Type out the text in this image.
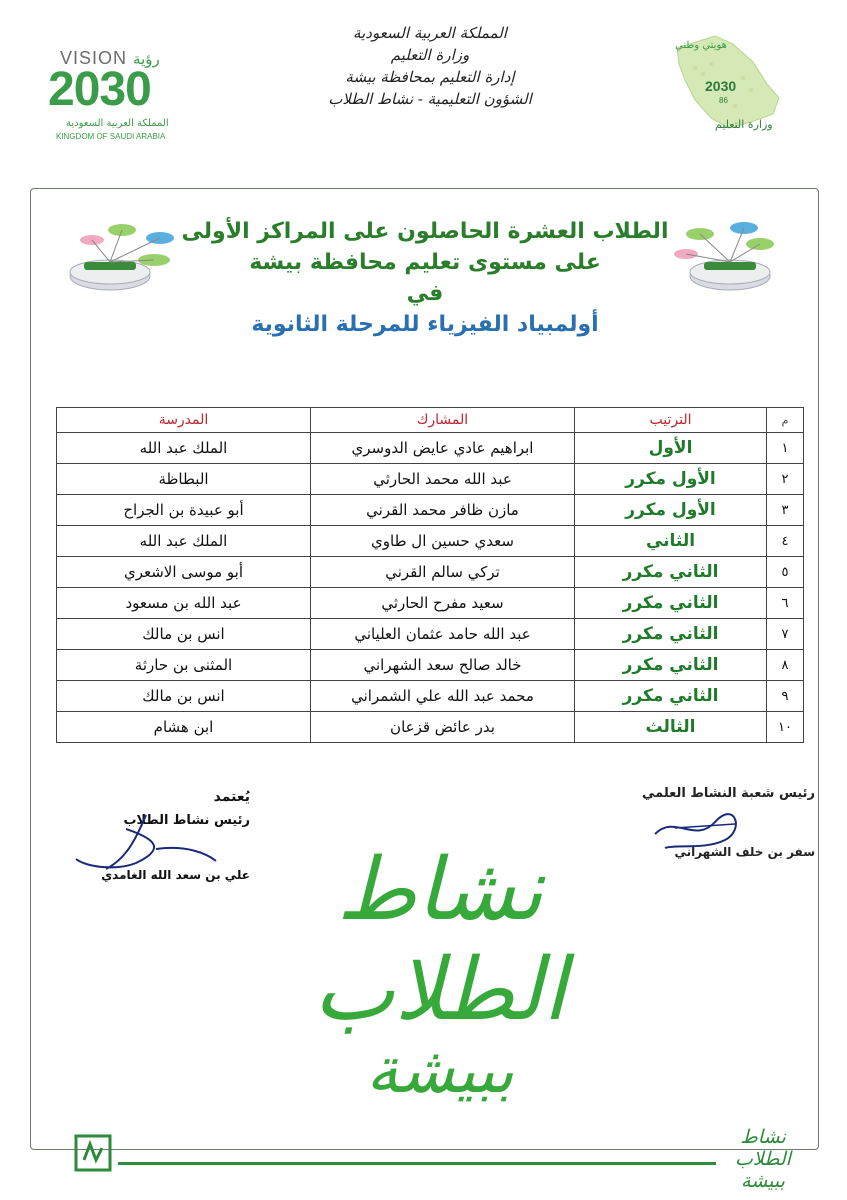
VISION رؤية
2030
المملكة العربية السعودية
KINGDOM OF SAUDI ARABIA
المملكة العربية السعودية
وزارة التعليم
إدارة التعليم بمحافظة بيشة
الشؤون التعليمية - نشاط الطلاب
هويتي وطني
2030
86
وزارة التعليم
الطلاب العشرة الحاصلون على المراكز الأولى
على مستوى تعليم محافظة بيشة
في
أولمبياد الفيزياء للمرحلة الثانوية
م	الترتيب	المشارك	المدرسة
١	الأول	ابراهيم عادي عايض الدوسري	الملك عبد الله
٢	الأول مكرر	عبد الله محمد الحارثي	البطاظة
٣	الأول مكرر	مازن ظافر محمد القرني	أبو عبيدة بن الجراح
٤	الثاني	سعدي حسين ال طاوي	الملك عبد الله
٥	الثاني مكرر	تركي سالم القرني	أبو موسى الاشعري
٦	الثاني مكرر	سعيد مفرح الحارثي	عبد الله بن مسعود
٧	الثاني مكرر	عبد الله حامد عثمان العلياني	انس بن مالك
٨	الثاني مكرر	خالد صالح سعد الشهراني	المثنى بن حارثة
٩	الثاني مكرر	محمد عبد الله علي الشمراني	انس بن مالك
١٠	الثالث	بدر عائض قزعان	ابن هشام
رئيس شعبة النشاط العلمي
سفر بن خلف الشهراني
يُعتمد
رئيس نشاط الطلاب
علي بن سعد الله الغامدي	نشاط الطلاب
ببيشة
نشاط الطلاب
ببيشة
